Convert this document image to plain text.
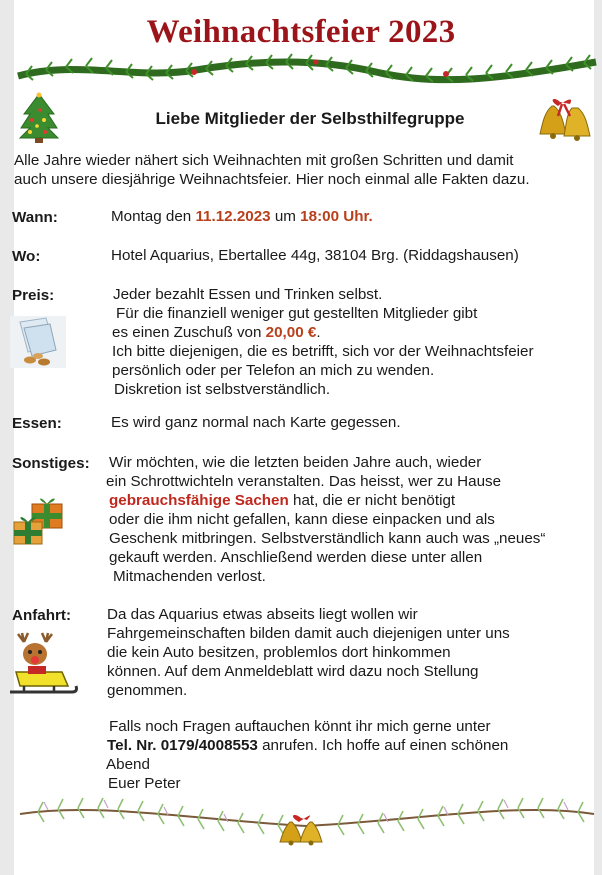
Weihnachtsfeier 2023
Liebe Mitglieder der Selbsthilfegruppe
Alle Jahre wieder nähert sich Weihnachten mit großen Schritten und damit
auch unsere diesjährige Weihnachtsfeier. Hier noch einmal alle Fakten dazu.
Wann:	Montag den 11.12.2023 um 18:00 Uhr.
Wo:	Hotel Aquarius, Ebertallee 44g, 38104 Brg. (Riddagshausen)
Preis:	Jeder bezahlt Essen und Trinken selbst.
Für die finanziell weniger gut gestellten Mitglieder gibt
es einen Zuschuß von 20,00 €.
Ich bitte diejenigen, die es betrifft, sich vor der Weihnachtsfeier
persönlich oder per Telefon an mich zu wenden.
Diskretion ist selbstverständlich.
Essen:	Es wird ganz normal nach Karte gegessen.
Sonstiges: Wir möchten, wie die letzten beiden Jahre auch, wieder
ein Schrottwichteln veranstalten. Das heisst, wer zu Hause
gebrauchsfähige Sachen hat, die er nicht benötigt
oder die ihm nicht gefallen, kann diese einpacken und als
Geschenk mitbringen. Selbstverständlich kann auch was „neues“
gekauft werden. Anschließend werden diese unter allen
Mitmachenden verlost.
Anfahrt: Da das Aquarius etwas abseits liegt wollen wir
Fahrgemeinschaften bilden damit auch diejenigen unter uns
die kein Auto besitzen, problemlos dort hinkommen
können. Auf dem Anmeldeblatt wird dazu noch Stellung
genommen.
Falls noch Fragen auftauchen könnt ihr mich gerne unter
Tel. Nr. 0179/4008553 anrufen. Ich hoffe auf einen schönen
Abend
Euer Peter
